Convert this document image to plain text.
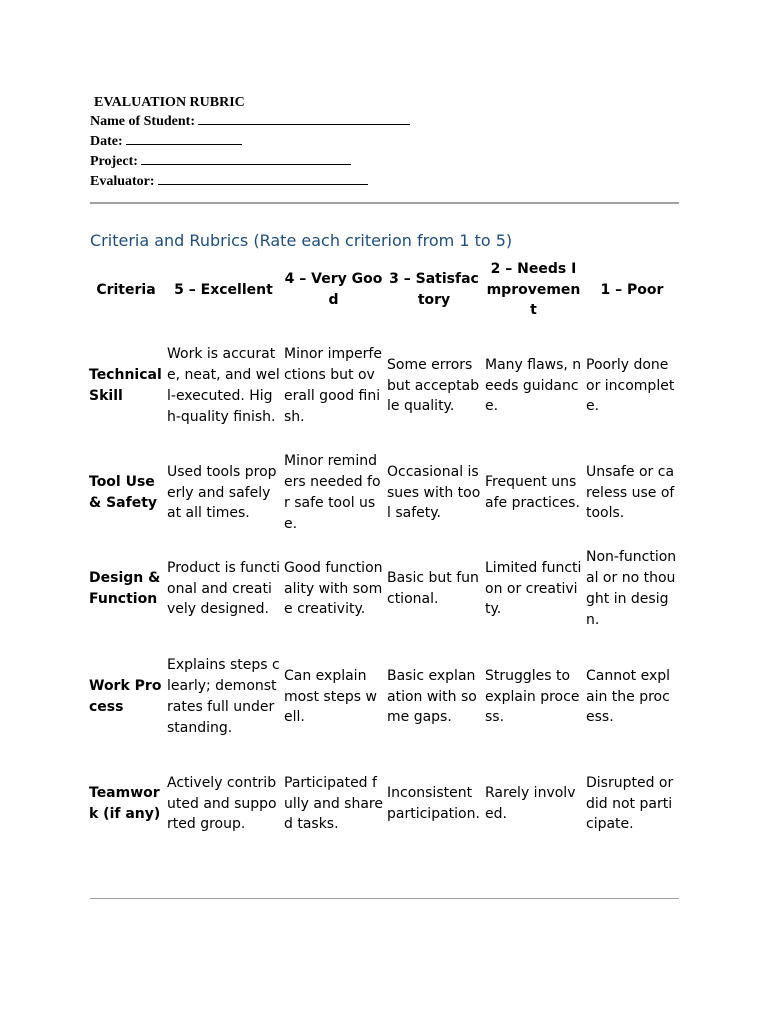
EVALUATION RUBRIC
Name of Student:
Date:
Project:
Evaluator:
Criteria and Rubrics (Rate each criterion from 1 to 5)
Criteria	5 – Excellent	4 – Very Good	3 – Satisfactory	2 – Needs Improvement	1 – Poor
Technical Skill	Work is accurate, neat, and well-executed. High-quality finish.	Minor imperfections but overall good finish.	Some errors but acceptable quality.	Many flaws, needs guidance.	Poorly done or incomplete.
Tool Use & Safety	Used tools properly and safely at all times.	Minor reminders needed for safe tool use.	Occasional issues with tool safety.	Frequent unsafe practices.	Unsafe or careless use of tools.
Design & Function	Product is functional and creatively designed.	Good functionality with some creativity.	Basic but functional.	Limited function or creativity.	Non-functional or no thought in design.
Work Process	Explains steps clearly; demonstrates full understanding.	Can explain most steps well.	Basic explanation with some gaps.	Struggles to explain process.	Cannot explain the process.
Teamwork (if any)	Actively contributed and supported group.	Participated fully and shared tasks.	Inconsistent participation.	Rarely involved.	Disrupted or did not participate.
